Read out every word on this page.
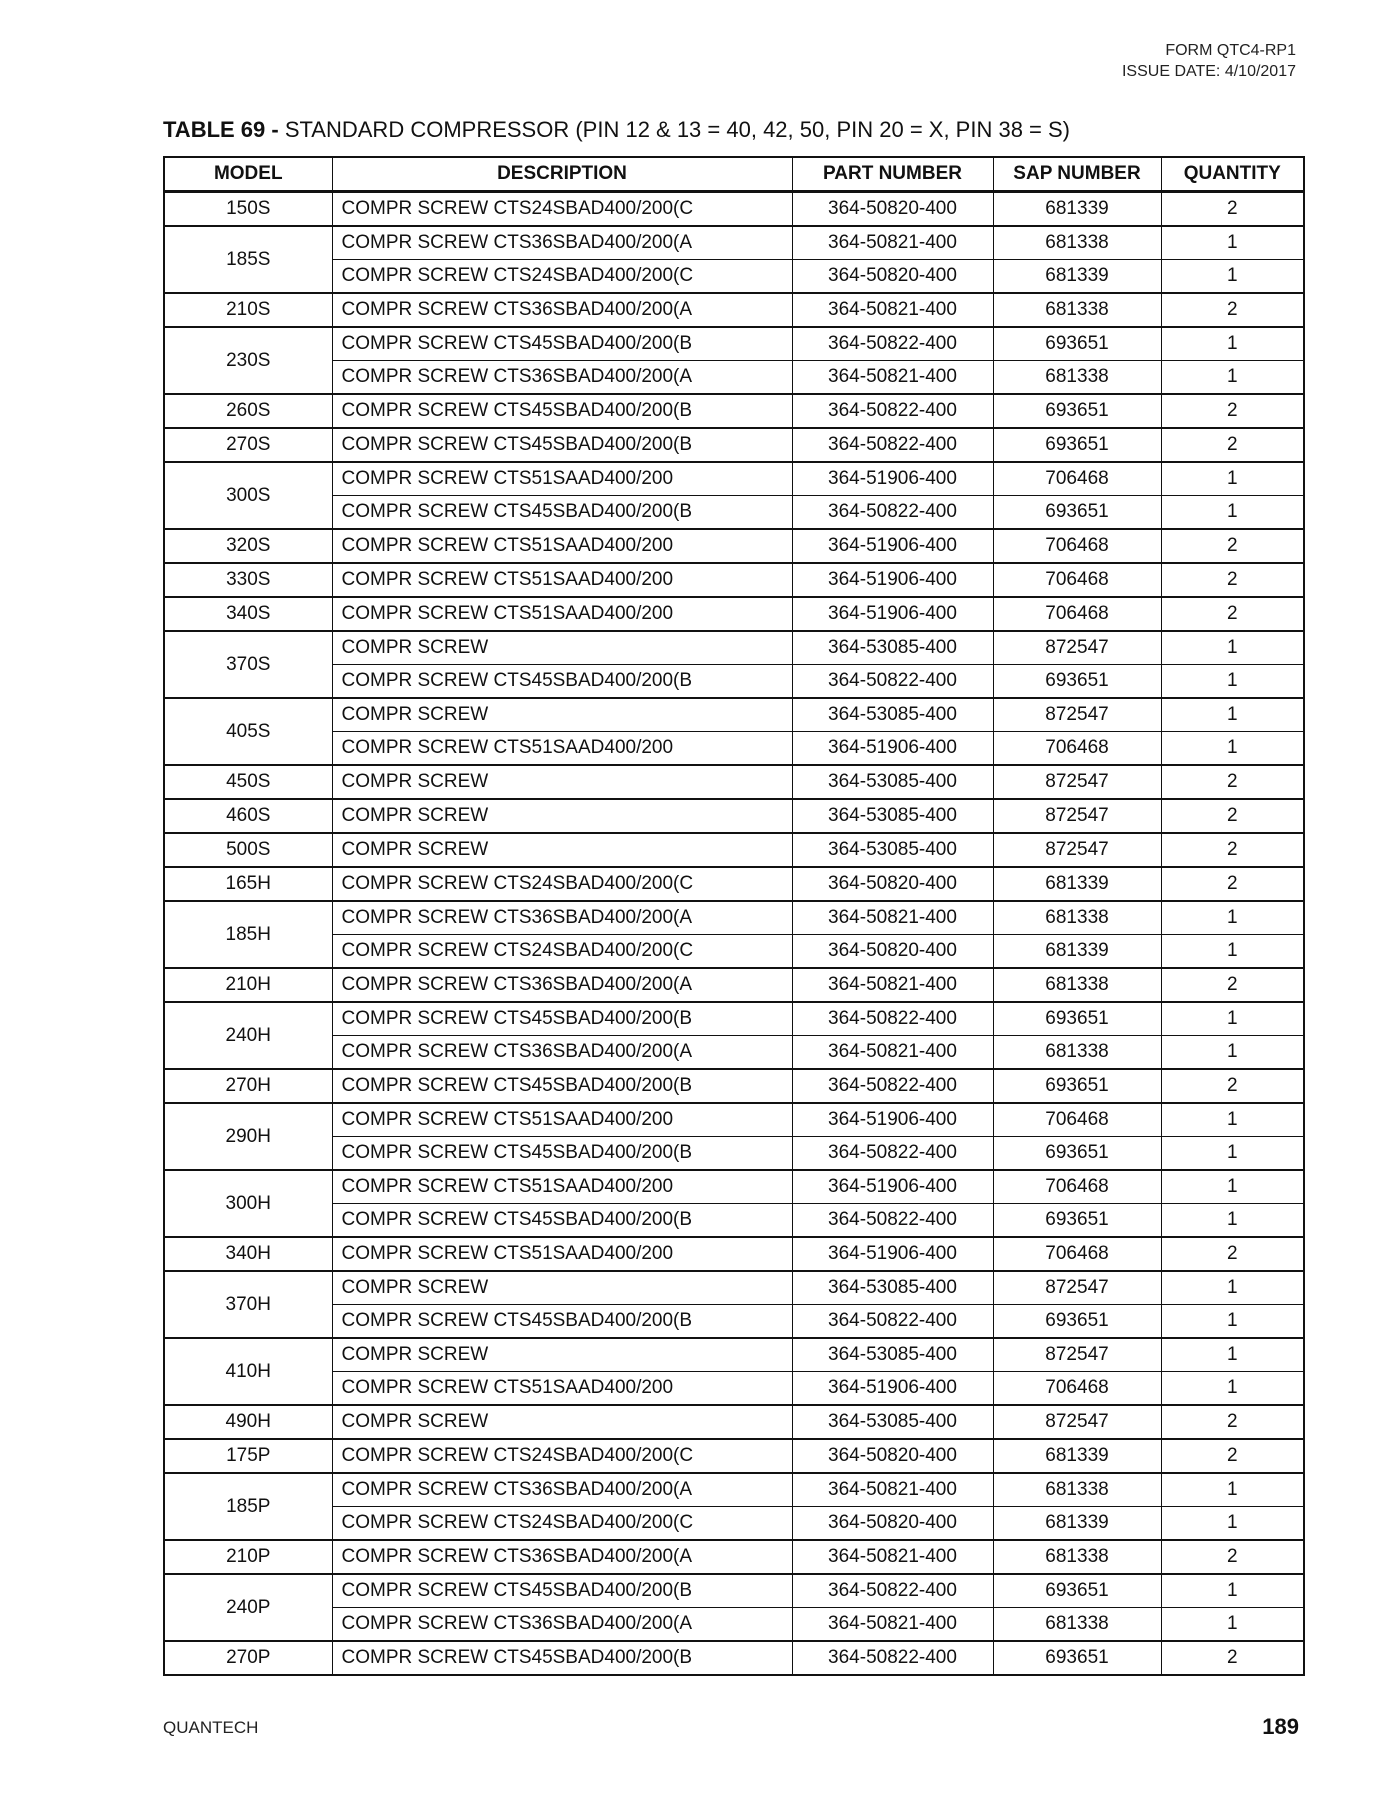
FORM QTC4-RP1
ISSUE DATE: 4/10/2017
TABLE 69 - STANDARD COMPRESSOR (PIN 12 & 13 = 40, 42, 50, PIN 20 = X, PIN 38 = S)
MODEL	DESCRIPTION	PART NUMBER	SAP NUMBER	QUANTITY
150S	COMPR SCREW CTS24SBAD400/200(C	364-50820-400	681339	2
185S	COMPR SCREW CTS36SBAD400/200(A	364-50821-400	681338	1
	COMPR SCREW CTS24SBAD400/200(C	364-50820-400	681339	1
210S	COMPR SCREW CTS36SBAD400/200(A	364-50821-400	681338	2
230S	COMPR SCREW CTS45SBAD400/200(B	364-50822-400	693651	1
	COMPR SCREW CTS36SBAD400/200(A	364-50821-400	681338	1
260S	COMPR SCREW CTS45SBAD400/200(B	364-50822-400	693651	2
270S	COMPR SCREW CTS45SBAD400/200(B	364-50822-400	693651	2
300S	COMPR SCREW CTS51SAAD400/200	364-51906-400	706468	1
	COMPR SCREW CTS45SBAD400/200(B	364-50822-400	693651	1
320S	COMPR SCREW CTS51SAAD400/200	364-51906-400	706468	2
330S	COMPR SCREW CTS51SAAD400/200	364-51906-400	706468	2
340S	COMPR SCREW CTS51SAAD400/200	364-51906-400	706468	2
370S	COMPR SCREW	364-53085-400	872547	1
	COMPR SCREW CTS45SBAD400/200(B	364-50822-400	693651	1
405S	COMPR SCREW	364-53085-400	872547	1
	COMPR SCREW CTS51SAAD400/200	364-51906-400	706468	1
450S	COMPR SCREW	364-53085-400	872547	2
460S	COMPR SCREW	364-53085-400	872547	2
500S	COMPR SCREW	364-53085-400	872547	2
165H	COMPR SCREW CTS24SBAD400/200(C	364-50820-400	681339	2
185H	COMPR SCREW CTS36SBAD400/200(A	364-50821-400	681338	1
	COMPR SCREW CTS24SBAD400/200(C	364-50820-400	681339	1
210H	COMPR SCREW CTS36SBAD400/200(A	364-50821-400	681338	2
240H	COMPR SCREW CTS45SBAD400/200(B	364-50822-400	693651	1
	COMPR SCREW CTS36SBAD400/200(A	364-50821-400	681338	1
270H	COMPR SCREW CTS45SBAD400/200(B	364-50822-400	693651	2
290H	COMPR SCREW CTS51SAAD400/200	364-51906-400	706468	1
	COMPR SCREW CTS45SBAD400/200(B	364-50822-400	693651	1
300H	COMPR SCREW CTS51SAAD400/200	364-51906-400	706468	1
	COMPR SCREW CTS45SBAD400/200(B	364-50822-400	693651	1
340H	COMPR SCREW CTS51SAAD400/200	364-51906-400	706468	2
370H	COMPR SCREW	364-53085-400	872547	1
	COMPR SCREW CTS45SBAD400/200(B	364-50822-400	693651	1
410H	COMPR SCREW	364-53085-400	872547	1
	COMPR SCREW CTS51SAAD400/200	364-51906-400	706468	1
490H	COMPR SCREW	364-53085-400	872547	2
175P	COMPR SCREW CTS24SBAD400/200(C	364-50820-400	681339	2
185P	COMPR SCREW CTS36SBAD400/200(A	364-50821-400	681338	1
	COMPR SCREW CTS24SBAD400/200(C	364-50820-400	681339	1
210P	COMPR SCREW CTS36SBAD400/200(A	364-50821-400	681338	2
240P	COMPR SCREW CTS45SBAD400/200(B	364-50822-400	693651	1
	COMPR SCREW CTS36SBAD400/200(A	364-50821-400	681338	1
270P	COMPR SCREW CTS45SBAD400/200(B	364-50822-400	693651	2
QUANTECH	189
